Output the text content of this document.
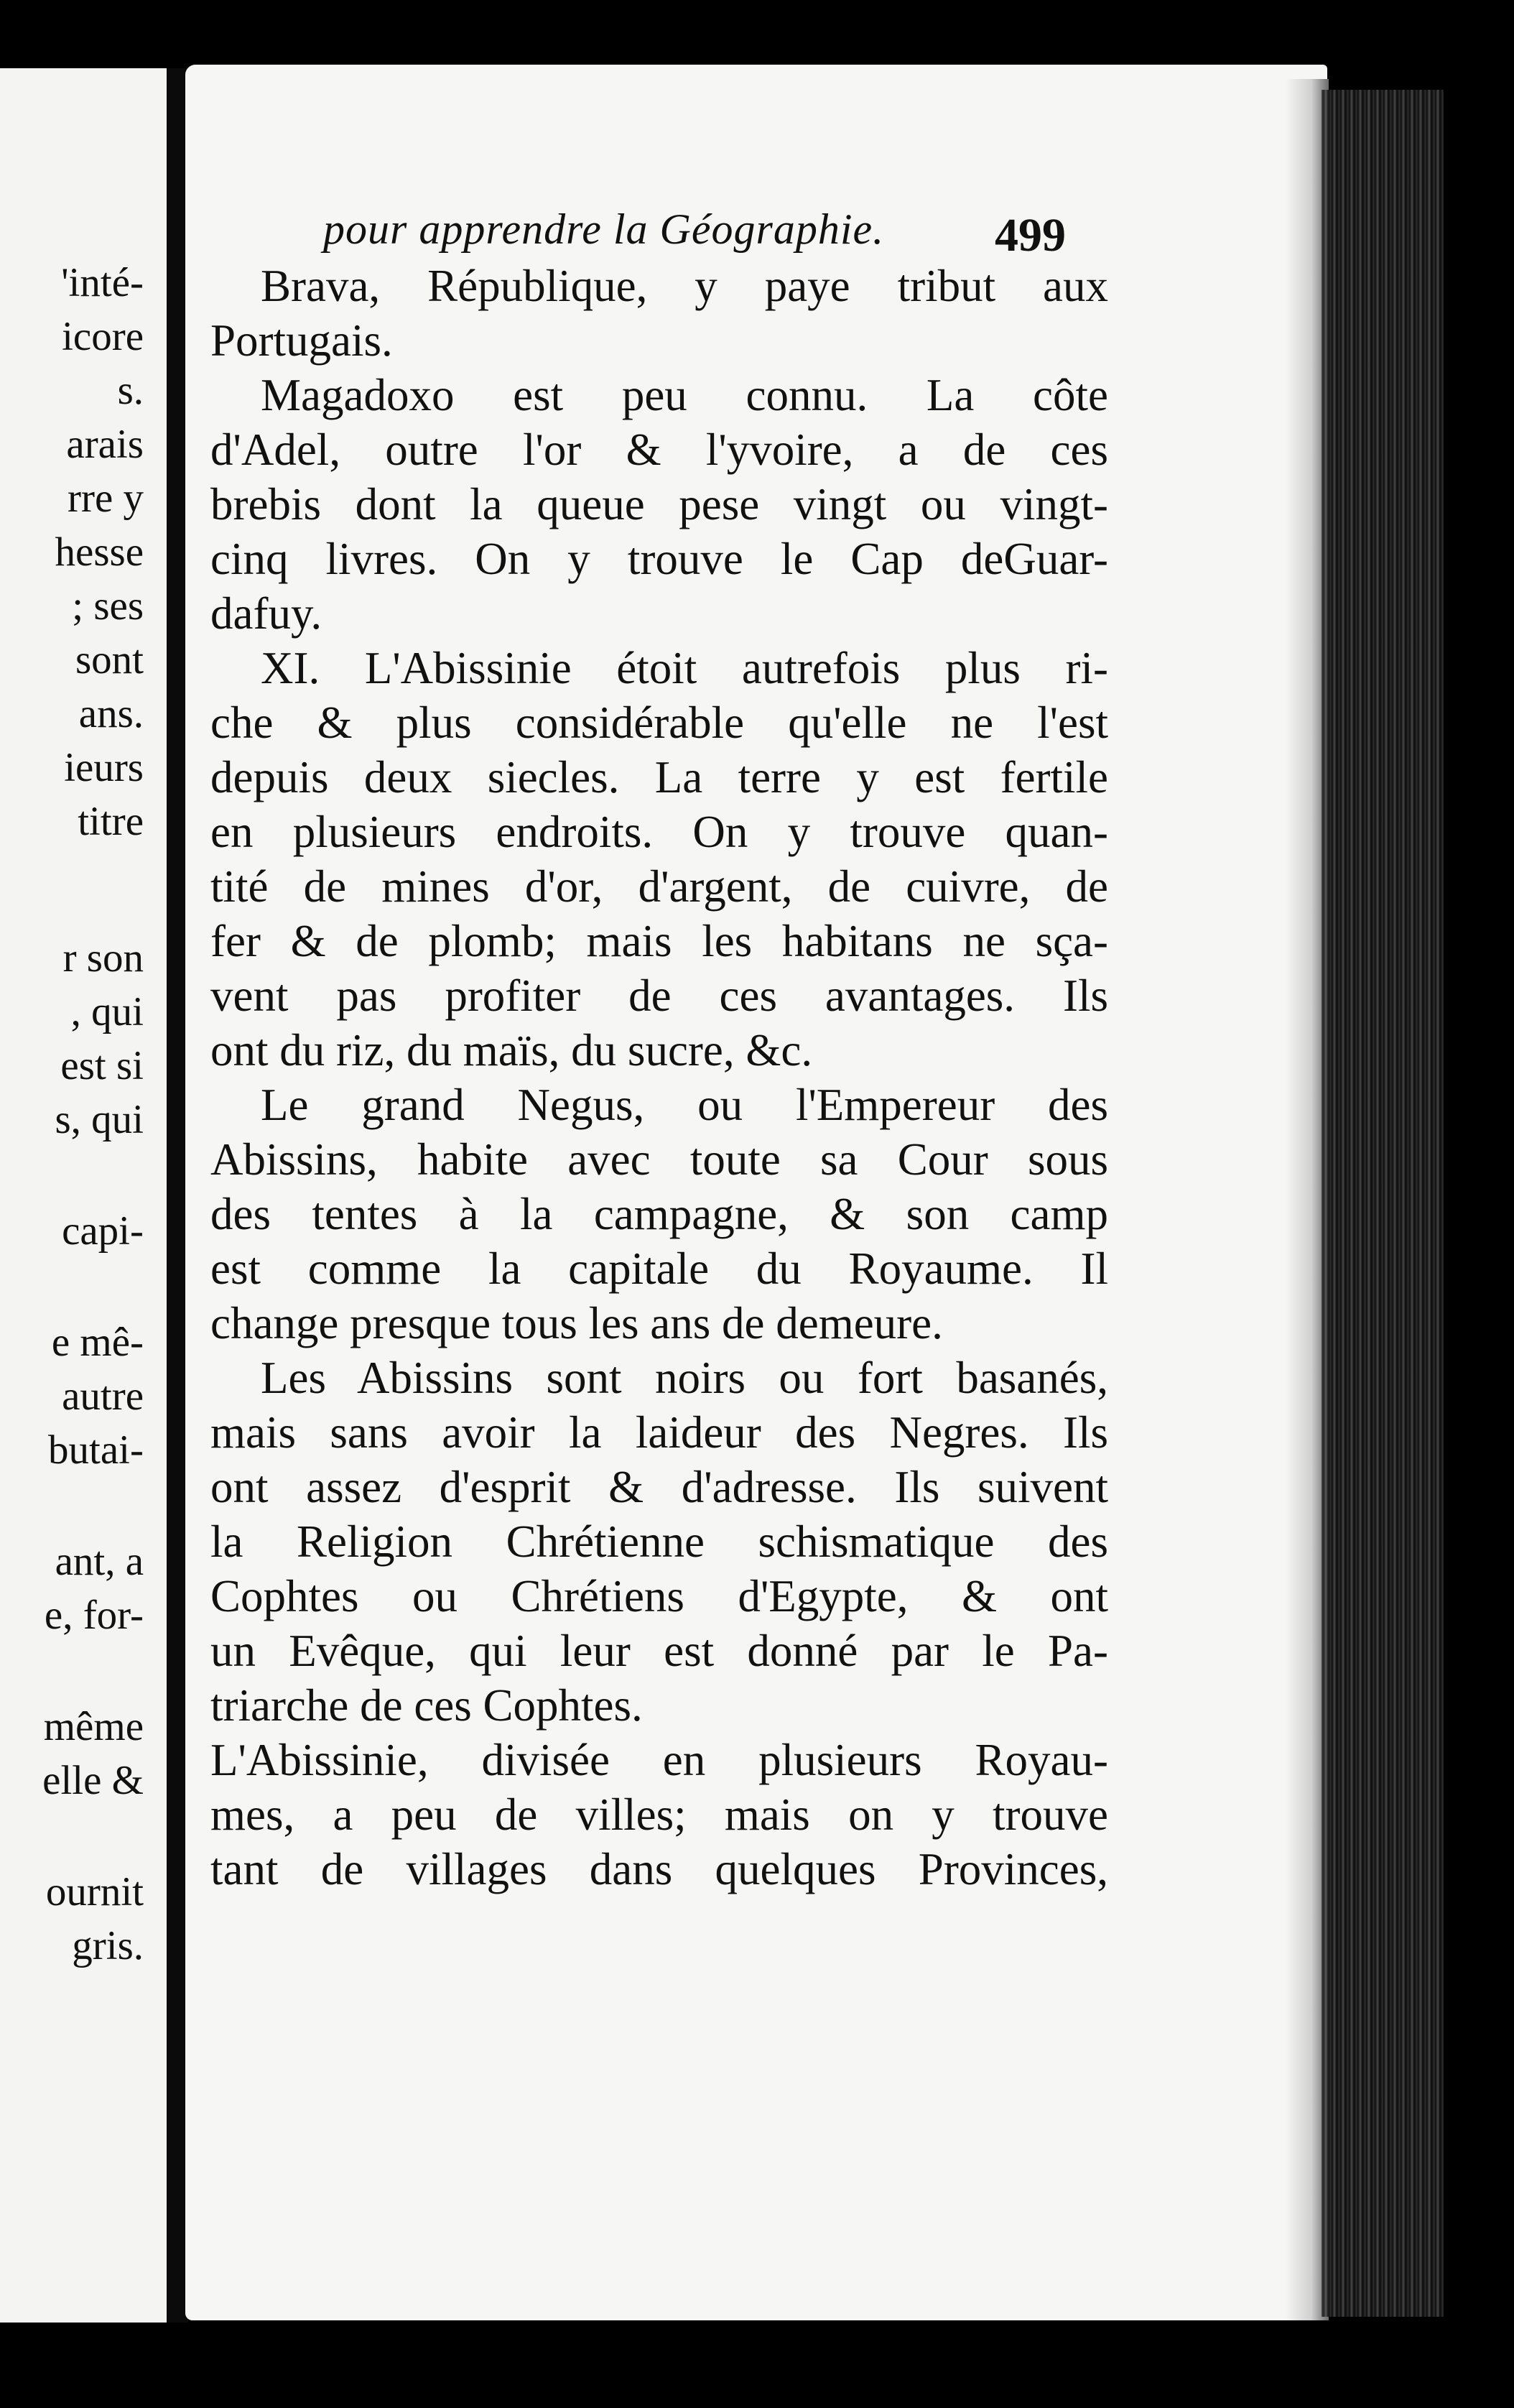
'inté-
icore
s.
arais
rre y
hesse
; ses
sont
ans.
ieurs
titre
r son
, qui
est si
s, qui
capi-
e mê-
autre
butai-
ant, a
e, for-
même
elle &
ournit
gris.
pour apprendre la Géographie.	499
Brava, République, y paye tribut aux
Portugais.
Magadoxo est peu connu. La côte
d'Adel, outre l'or & l'yvoire, a de ces
brebis dont la queue pese vingt ou vingt-
cinq livres. On y trouve le Cap deGuar-
dafuy.
XI. L'Abissinie étoit autrefois plus ri-
che & plus considérable qu'elle ne l'est
depuis deux siecles. La terre y est fertile
en plusieurs endroits. On y trouve quan-
tité de mines d'or, d'argent, de cuivre, de
fer & de plomb; mais les habitans ne sça-
vent pas profiter de ces avantages. Ils
ont du riz, du maïs, du sucre, &c.
Le grand Negus, ou l'Empereur des
Abissins, habite avec toute sa Cour sous
des tentes à la campagne, & son camp
est comme la capitale du Royaume. Il
change presque tous les ans de demeure.
Les Abissins sont noirs ou fort basanés,
mais sans avoir la laideur des Negres. Ils
ont assez d'esprit & d'adresse. Ils suivent
la Religion Chrétienne schismatique des
Cophtes ou Chrétiens d'Egypte, & ont
un Evêque, qui leur est donné par le Pa-
triarche de ces Cophtes.
L'Abissinie, divisée en plusieurs Royau-
mes, a peu de villes; mais on y trouve
tant de villages dans quelques Provinces,
